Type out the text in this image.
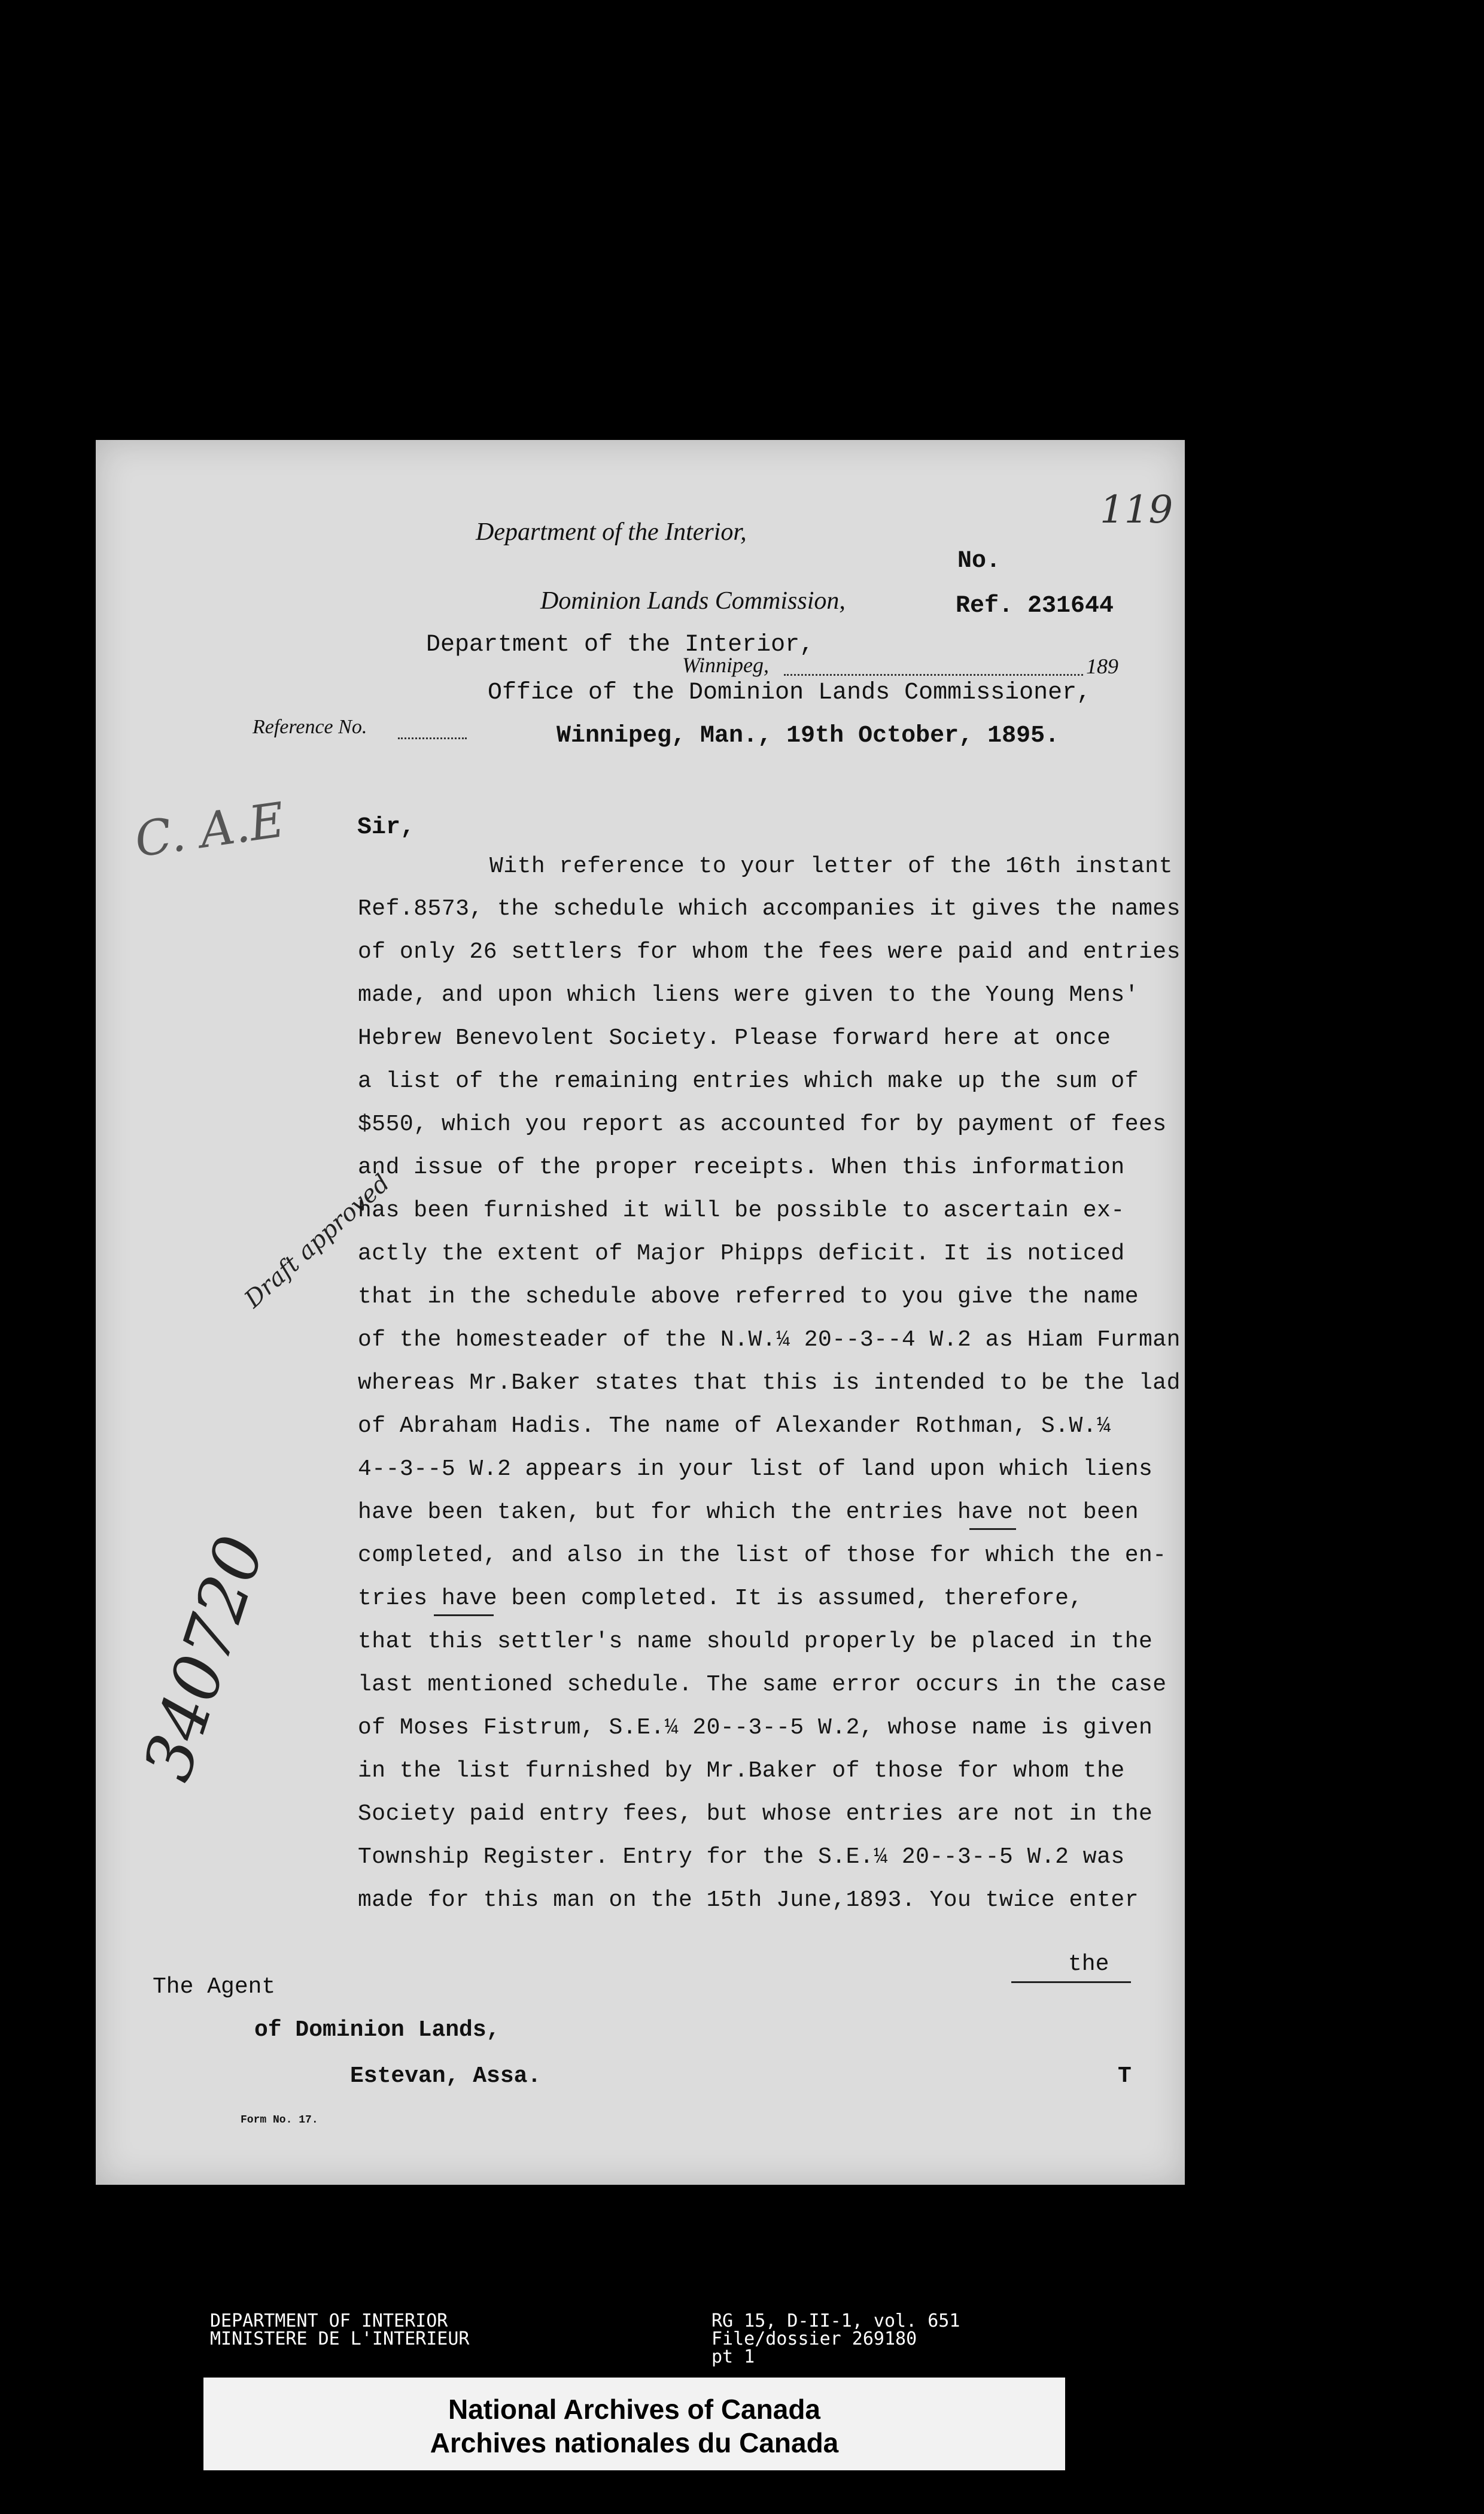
Department of the Interior,
Dominion Lands Commission,
119
No.
Ref. 231644
Department of the Interior,
Winnipeg,	189
Office of the Dominion Lands Commissioner,
Reference No.	Winnipeg, Man., 19th October, 1895.
C. A.E
Draft approved
340720
Sir,
With reference to your letter of the 16th instant
Ref.8573, the schedule which accompanies it gives the names
of only 26 settlers for whom the fees were paid and entries
made, and upon which liens were given to the Young Mens'
Hebrew Benevolent Society. Please forward here at once
a list of the remaining entries which make up the sum of
$550, which you report as accounted for by payment of fees
and issue of the proper receipts. When this information
has been furnished it will be possible to ascertain ex-
actly the extent of Major Phipps deficit. It is noticed
that in the schedule above referred to you give the name
of the homesteader of the N.W.¼ 20--3--4 W.2 as Hiam Furman
whereas Mr.Baker states that this is intended to be the lad
of Abraham Hadis. The name of Alexander Rothman, S.W.¼
4--3--5 W.2 appears in your list of land upon which liens
have been taken, but for which the entries have not been
completed, and also in the list of those for which the en-
tries have been completed. It is assumed, therefore,
that this settler's name should properly be placed in the
last mentioned schedule. The same error occurs in the case
of Moses Fistrum, S.E.¼ 20--3--5 W.2, whose name is given
in the list furnished by Mr.Baker of those for whom the
Society paid entry fees, but whose entries are not in the
Township Register. Entry for the S.E.¼ 20--3--5 W.2 was
made for this man on the 15th June,1893. You twice enter
the
The Agent
of Dominion Lands,
Estevan, Assa.	T
Form No. 17.
DEPARTMENT OF INTERIOR
MINISTERE DE L'INTERIEUR
RG 15, D-II-1, vol. 651
File/dossier 269180
pt 1
National Archives of Canada
Archives nationales du Canada
